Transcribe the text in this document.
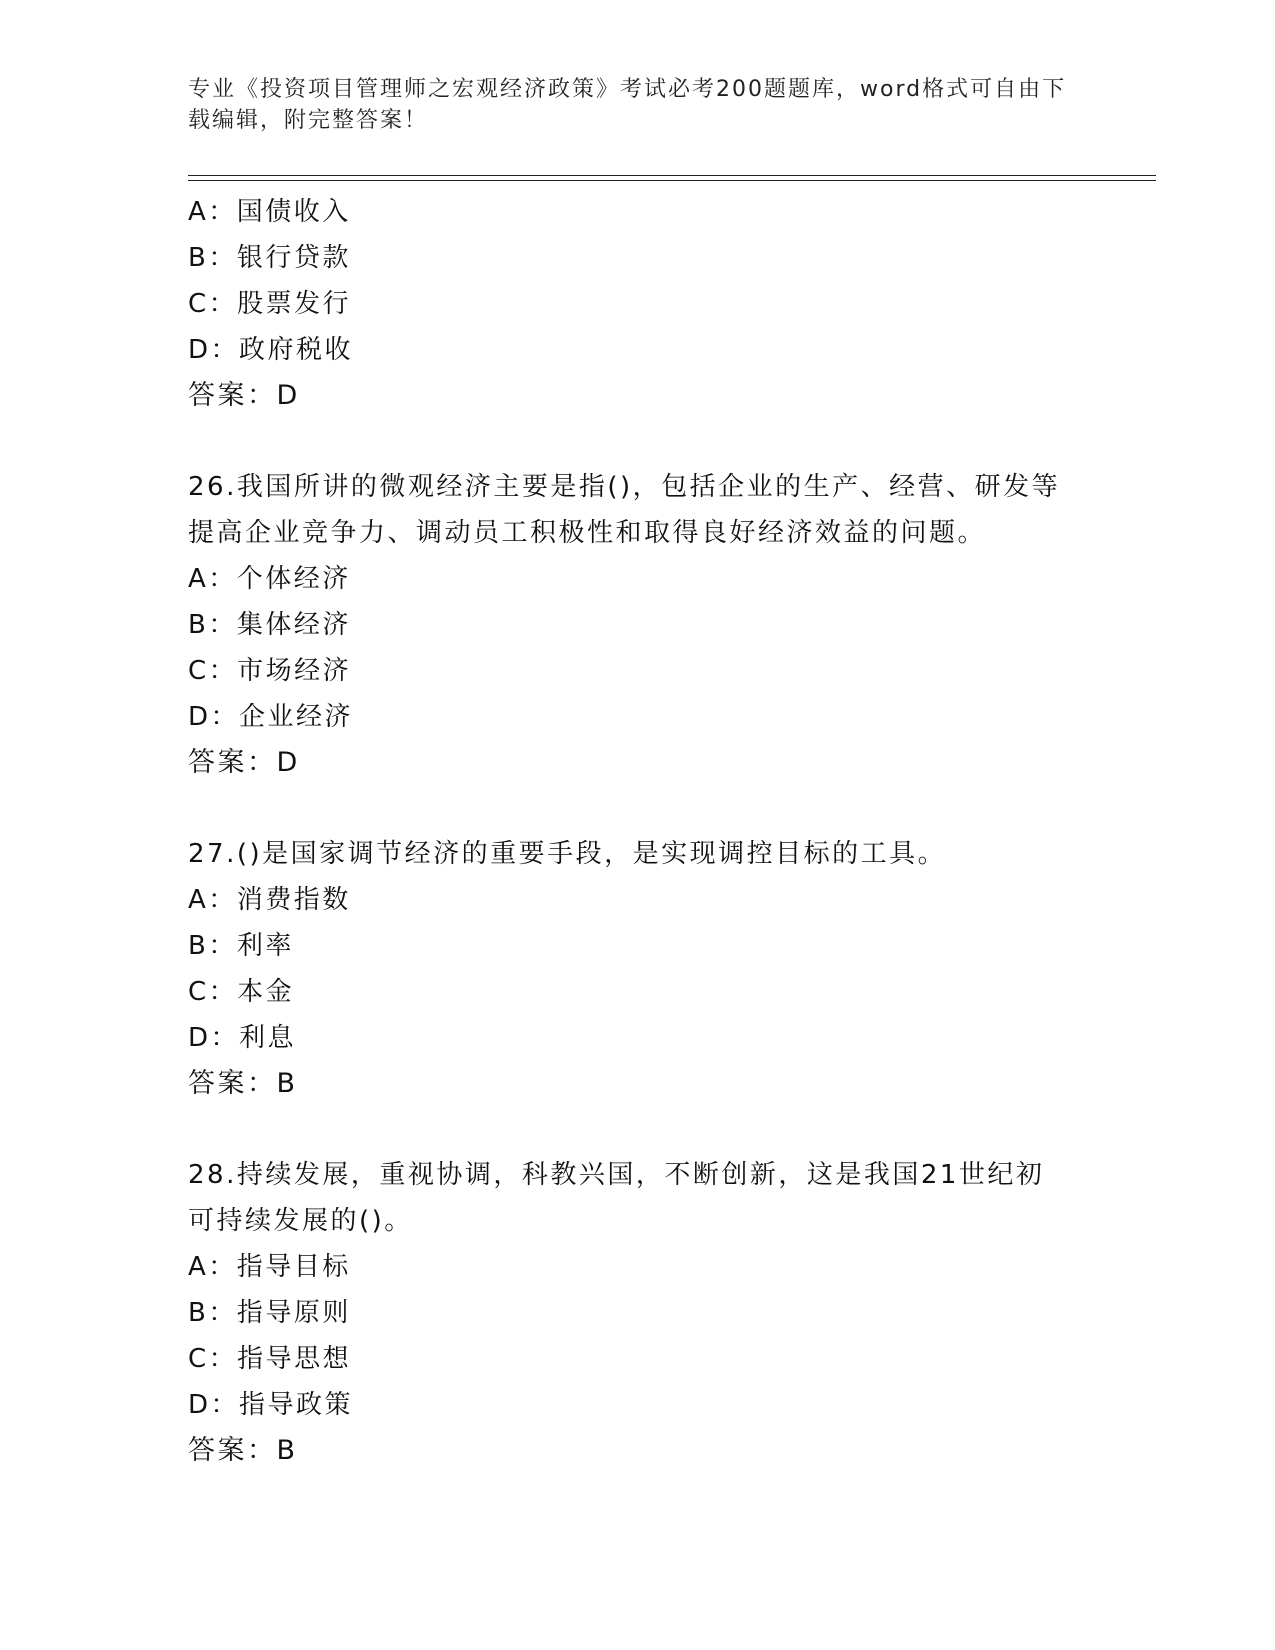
专业《投资项目管理师之宏观经济政策》考试必考200题题库，word格式可自由下载编辑，附完整答案！
A：国债收入
B：银行贷款
C：股票发行
D：政府税收
答案：D
26.我国所讲的微观经济主要是指()，包括企业的生产、经营、研发等提高企业竞争力、调动员工积极性和取得良好经济效益的问题。
A：个体经济
B：集体经济
C：市场经济
D：企业经济
答案：D
27.()是国家调节经济的重要手段，是实现调控目标的工具。
A：消费指数
B：利率
C：本金
D：利息
答案：B
28.持续发展，重视协调，科教兴国，不断创新，这是我国21世纪初可持续发展的()。
A：指导目标
B：指导原则
C：指导思想
D：指导政策
答案：B
